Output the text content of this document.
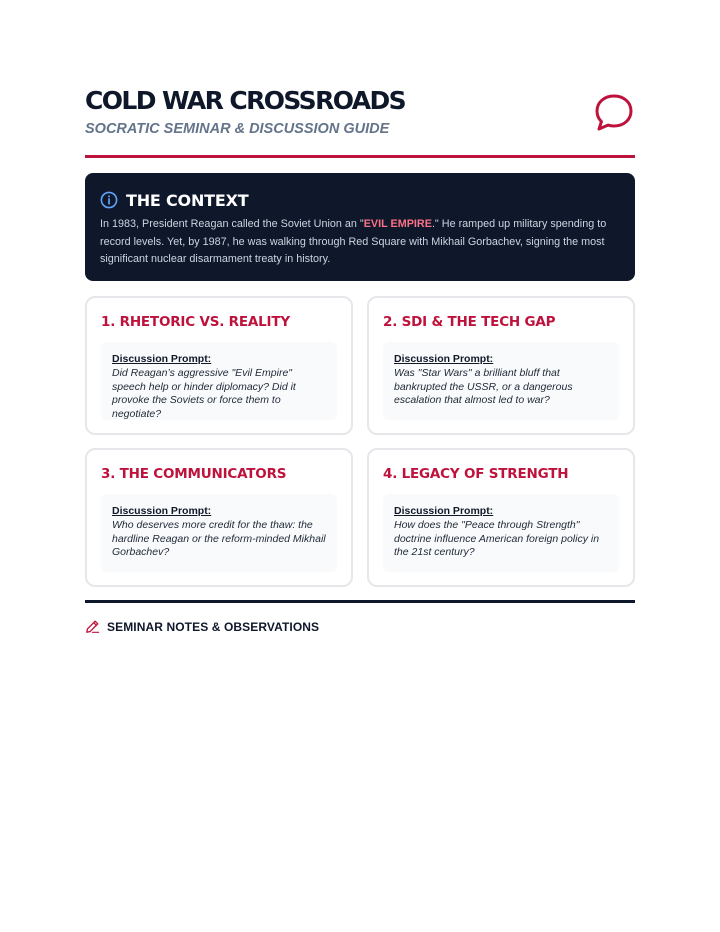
COLD WAR CROSSROADS
SOCRATIC SEMINAR & DISCUSSION GUIDE
THE CONTEXT

In 1983, President Reagan called the Soviet Union an "EVIL EMPIRE." He ramped up military spending to record levels. Yet, by 1987, he was walking through Red Square with Mikhail Gorbachev, signing the most significant nuclear disarmament treaty in history.

1. RHETORIC VS. REALITY
Discussion Prompt:
Did Reagan’s aggressive "Evil Empire" speech help or hinder diplomacy? Did it provoke the Soviets or force them to negotiate?
2. SDI & THE TECH GAP
Discussion Prompt:
Was "Star Wars" a brilliant bluff that bankrupted the USSR, or a dangerous escalation that almost led to war?
3. THE COMMUNICATORS
Discussion Prompt:
Who deserves more credit for the thaw: the hardline Reagan or the reform-minded Mikhail Gorbachev?
4. LEGACY OF STRENGTH
Discussion Prompt:
How does the "Peace through Strength" doctrine influence American foreign policy in the 21st century?
SEMINAR NOTES & OBSERVATIONS
